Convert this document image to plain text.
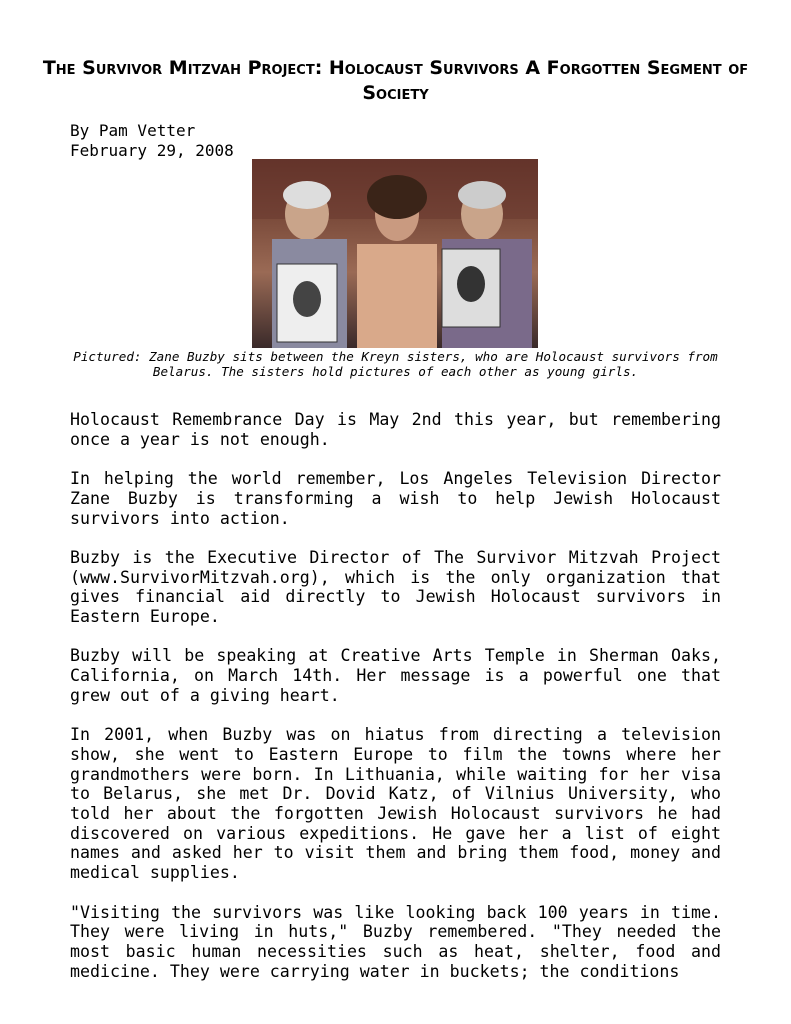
The Survivor Mitzvah Project: Holocaust Survivors A Forgotten Segment of Society
By Pam Vetter
February 29, 2008
Pictured: Zane Buzby sits between the Kreyn sisters, who are Holocaust survivors from Belarus. The sisters hold pictures of each other as young girls.

Holocaust Remembrance Day is May 2nd this year, but remembering once a year is not enough.

In helping the world remember, Los Angeles Television Director Zane Buzby is transforming a wish to help Jewish Holocaust survivors into action.

Buzby is the Executive Director of The Survivor Mitzvah Project (www.SurvivorMitzvah.org), which is the only organization that gives financial aid directly to Jewish Holocaust survivors in Eastern Europe.

Buzby will be speaking at Creative Arts Temple in Sherman Oaks, California, on March 14th. Her message is a powerful one that grew out of a giving heart.

In 2001, when Buzby was on hiatus from directing a television show, she went to Eastern Europe to film the towns where her grandmothers were born. In Lithuania, while waiting for her visa to Belarus, she met Dr. Dovid Katz, of Vilnius University, who told her about the forgotten Jewish Holocaust survivors he had discovered on various expeditions. He gave her a list of eight names and asked her to visit them and bring them food, money and medical supplies.

"Visiting the survivors was like looking back 100 years in time. They were living in huts," Buzby remembered. "They needed the most basic human necessities such as heat, shelter, food and medicine. They were carrying water in buckets; the conditions
